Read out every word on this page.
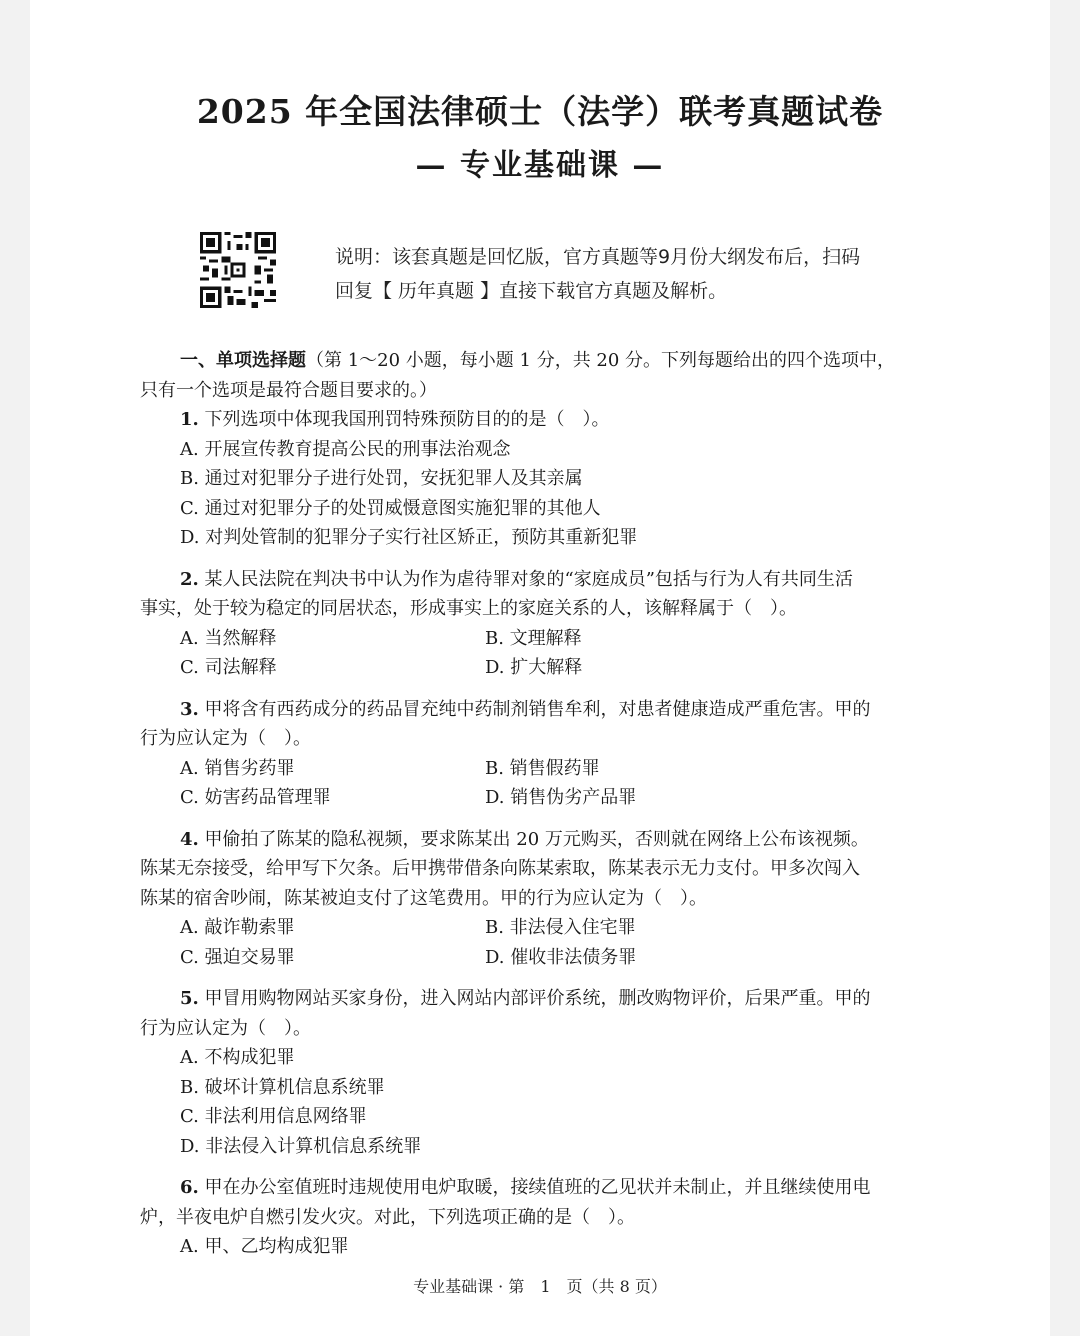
2025 年全国法律硕士（法学）联考真题试卷
— 专业基础课 —
说明：该套真题是回忆版，官方真题等9月份大纲发布后，扫码
回复【 历年真题 】直接下载官方真题及解析。
一、单项选择题（第 1～20 小题，每小题 1 分，共 20 分。下列每题给出的四个选项中，
只有一个选项是最符合题目要求的。）
1. 下列选项中体现我国刑罚特殊预防目的的是（　）。
A. 开展宣传教育提高公民的刑事法治观念
B. 通过对犯罪分子进行处罚，安抚犯罪人及其亲属
C. 通过对犯罪分子的处罚威慑意图实施犯罪的其他人
D. 对判处管制的犯罪分子实行社区矫正，预防其重新犯罪
2. 某人民法院在判决书中认为作为虐待罪对象的“家庭成员”包括与行为人有共同生活
事实，处于较为稳定的同居状态，形成事实上的家庭关系的人，该解释属于（　）。
A. 当然解释	B. 文理解释
C. 司法解释	D. 扩大解释
3. 甲将含有西药成分的药品冒充纯中药制剂销售牟利，对患者健康造成严重危害。甲的
行为应认定为（　）。
A. 销售劣药罪	B. 销售假药罪
C. 妨害药品管理罪	D. 销售伪劣产品罪
4. 甲偷拍了陈某的隐私视频，要求陈某出 20 万元购买，否则就在网络上公布该视频。
陈某无奈接受，给甲写下欠条。后甲携带借条向陈某索取，陈某表示无力支付。甲多次闯入
陈某的宿舍吵闹，陈某被迫支付了这笔费用。甲的行为应认定为（　）。
A. 敲诈勒索罪	B. 非法侵入住宅罪
C. 强迫交易罪	D. 催收非法债务罪
5. 甲冒用购物网站买家身份，进入网站内部评价系统，删改购物评价，后果严重。甲的
行为应认定为（　）。
A. 不构成犯罪
B. 破坏计算机信息系统罪
C. 非法利用信息网络罪
D. 非法侵入计算机信息系统罪
6. 甲在办公室值班时违规使用电炉取暖，接续值班的乙见状并未制止，并且继续使用电
炉，半夜电炉自燃引发火灾。对此，下列选项正确的是（　）。
A. 甲、乙均构成犯罪
专业基础课 · 第　1　页（共 8 页）
